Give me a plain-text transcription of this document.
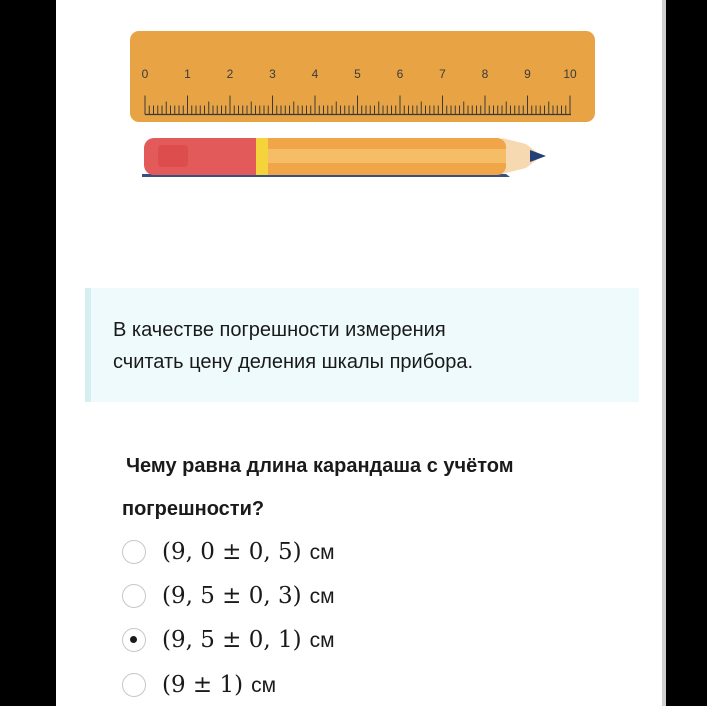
0	1	2	3	4	5	6	7	8	9	10
В качестве погрешности измерения
считать цену деления шкалы прибора.
Чему равна длина карандаша с учётом
погрешности?
(9, 0 ± 0, 5) см
(9, 5 ± 0, 3) см
(9, 5 ± 0, 1) см
(9 ± 1) см
